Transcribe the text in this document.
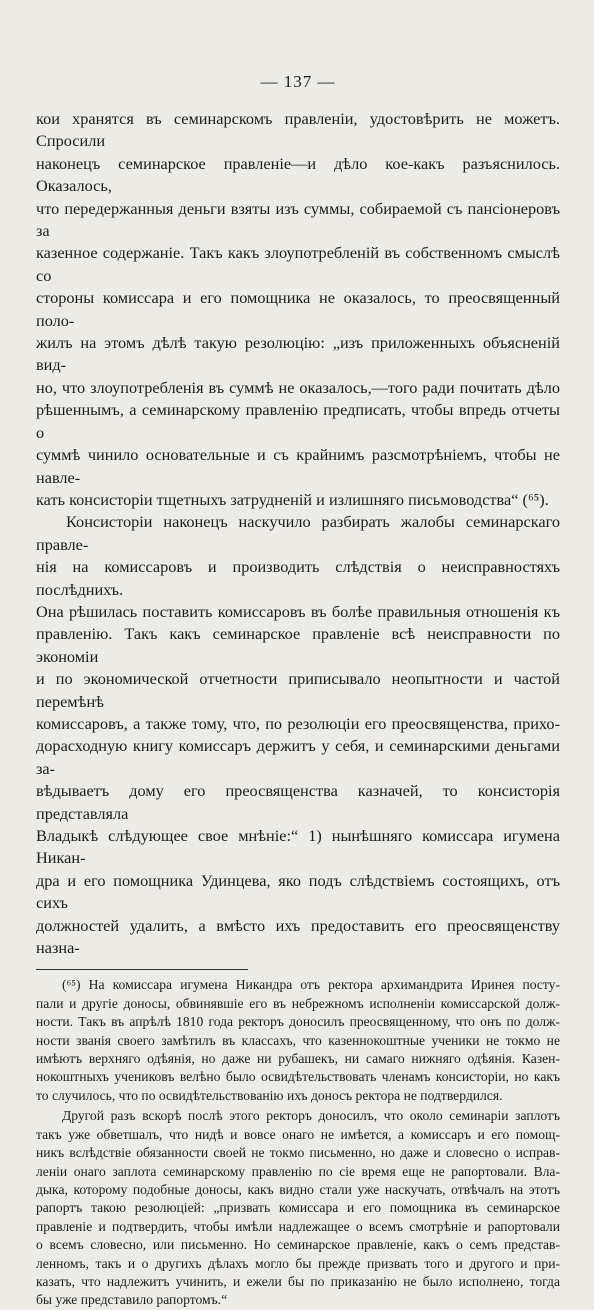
— 137 —

кои хранятся въ семинарскомъ правленiи, удостовѣрить не можетъ. Спросили

наконецъ семинарское правленiе—и дѣло кое-какъ разъяснилось. Оказалось,

что передержанныя деньги взяты изъ суммы, собираемой съ пансiонеровъ за

казенное содержанiе. Такъ какъ злоупотребленiй въ собственномъ смыслѣ со

стороны комиссара и его помощника не оказалось, то преосвященный поло-

жилъ на этомъ дѣлѣ такую резолюцiю: „изъ приложенныхъ объясненiй вид-

но, что злоупотребленiя въ суммѣ не оказалось,—того ради почитать дѣло

рѣшеннымъ, а семинарскому правленiю предписать, чтобы впредь отчеты о

суммѣ чинило основательные и съ крайнимъ разсмотрѣнiемъ, чтобы не навле-

кать консисторiи тщетныхъ затрудненiй и излишняго письмоводства“ (⁶⁵).

Консисторiи наконецъ наскучило разбирать жалобы семинарскаго правле-

нiя на комиссаровъ и производить слѣдствiя о неисправностяхъ послѣднихъ.

Она рѣшилась поставить комиссаровъ въ болѣе правильныя отношенiя къ

правленiю. Такъ какъ семинарское правленiе всѣ неисправности по экономiи

и по экономической отчетности приписывало неопытности и частой перемѣнѣ

комиссаровъ, а также тому, что, по резолюцiи его преосвященства, прихо-

дорасходную книгу комиссаръ держитъ у себя, и семинарскими деньгами за-

вѣдываетъ дому его преосвященства казначей, то консисторiя представляла

Владыкѣ слѣдующее свое мнѣнiе:“ 1) нынѣшняго комиссара игумена Никан-

дра и его помощника Удинцева, яко подъ слѣдствiемъ состоящихъ, отъ сихъ

должностей удалить, а вмѣсто ихъ предоставить его преосвященству назна-

(⁶⁵) На комиссара игумена Никандра отъ ректора архимандрита Иринея посту-

пали и другiе доносы, обвинявшiе его въ небрежномъ исполненiи комиссарской долж-

ности. Такъ въ апрѣлѣ 1810 года ректоръ доносилъ преосвященному, что онъ по долж-

ности званiя своего замѣтилъ въ классахъ, что казеннокоштные ученики не токмо не

имѣютъ верхняго одѣянiя, но даже ни рубашекъ, ни самаго нижняго одѣянiя. Казен-

нокоштныхъ учениковъ велѣно было освидѣтельствовать членамъ консисторiи, но какъ

то случилось, что по освидѣтельствованiю ихъ доносъ ректора не подтвердился.

Другой разъ вскорѣ послѣ этого ректоръ доносилъ, что около семинарiи заплотъ

такъ уже обветшалъ, что нидѣ и вовсе онаго не имѣется, а комиссаръ и его помощ-

никъ вслѣдствiе обязанности своей не токмо письменно, но даже и словесно о исправ-

ленiи онаго заплота семинарскому правленiю по сiе время еще не рапортовали. Вла-

дыка, которому подобные доносы, какъ видно стали уже наскучать, отвѣчалъ на этотъ

рапортъ такою резолюцiей: „призвать комиссара и его помощника въ семинарское

правленiе и подтвердить, чтобы имѣли надлежащее о всемъ смотрѣнiе и рапортовали

о всемъ словесно, или письменно. Но семинарское правленiе, какъ о семъ представ-

ленномъ, такъ и о другихъ дѣлахъ могло бы прежде призвать того и другого и при-

казать, что надлежитъ учинить, и ежели бы по приказанiю не было исполнено, тогда

бы уже представило рапортомъ.“
